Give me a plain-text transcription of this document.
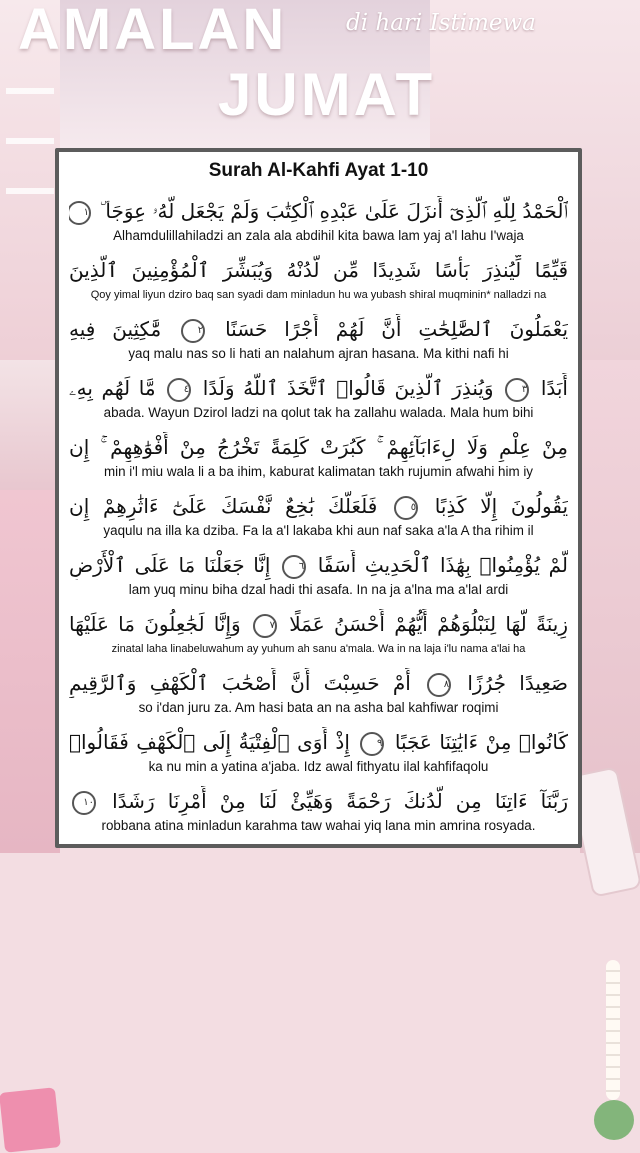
AMALAN	di hari Istimewa
JUMAT
Surah Al-Kahfi Ayat 1-10
ٱلْحَمْدُ لِلَّهِ ٱلَّذِىٓ أَنزَلَ عَلَىٰ عَبْدِهِ ٱلْكِتَٰبَ وَلَمْ يَجْعَل لَّهُۥ عِوَجَا ۜ ١
Alhamdulillahiladzi an zala ala abdihil kita bawa lam yaj a'l lahu I'waja
قَيِّمًا لِّيُنذِرَ بَأْسًا شَدِيدًا مِّن لَّدُنْهُ وَيُبَشِّرَ ٱلْمُؤْمِنِينَ ٱلَّذِينَ
Qoy yimal liyun dziro baq san syadi dam minladun hu wa yubash shiral muqminin* nalladzi na
يَعْمَلُونَ ٱلصَّٰلِحَٰتِ أَنَّ لَهُمْ أَجْرًا حَسَنًا ٢ مَّٰكِثِينَ فِيهِ
yaq malu nas so li hati an nalahum ajran hasana. Ma kithi nafi hi
أَبَدًا ٣ وَيُنذِرَ ٱلَّذِينَ قَالُوا۟ ٱتَّخَذَ ٱللَّهُ وَلَدًا ٤ مَّا لَهُم بِهِۦ
abada. Wayun Dzirol ladzi na qolut tak ha zallahu walada. Mala hum bihi
مِنْ عِلْمٍ وَلَا لِءَابَآئِهِمْ ۚ كَبُرَتْ كَلِمَةً تَخْرُجُ مِنْ أَفْوَٰهِهِمْ ۚ إِن
min i'l miu wala li a ba ihim, kaburat kalimatan takh rujumin afwahi him iy
يَقُولُونَ إِلَّا كَذِبًا ٥ فَلَعَلَّكَ بَٰخِعٌ نَّفْسَكَ عَلَىٰٓ ءَاثَٰرِهِمْ إِن
yaqulu na illa ka dziba. Fa la a'l lakaba khi aun naf saka a'la A tha rihim il
لَّمْ يُؤْمِنُوا۟ بِهَٰذَا ٱلْحَدِيثِ أَسَفًا ٦ إِنَّا جَعَلْنَا مَا عَلَى ٱلْأَرْضِ
lam yuq minu biha dzal hadi thi asafa. In na ja a'lna ma a'laI ardi
زِينَةً لَّهَا لِنَبْلُوَهُمْ أَيُّهُمْ أَحْسَنُ عَمَلًا ٧ وَإِنَّا لَجَٰعِلُونَ مَا عَلَيْهَا
zinatal laha linabeluwahum ay yuhum ah sanu a'mala. Wa in na laja i'lu nama a'lai ha
صَعِيدًا جُرُزًا ٨ أَمْ حَسِبْتَ أَنَّ أَصْحَٰبَ ٱلْكَهْفِ وَٱلرَّقِيمِ
so i'dan juru za. Am hasi bata an na asha bal kahfiwar roqimi
كَانُوا۟ مِنْ ءَايَٰتِنَا عَجَبًا ٩ إِذْ أَوَى ٱلْفِتْيَةُ إِلَى ٱلْكَهْفِ فَقَالُوا۟
ka nu min a yatina a'jaba. Idz awal fithyatu ilal kahfifaqolu
رَبَّنَآ ءَاتِنَا مِن لَّدُنكَ رَحْمَةً وَهَيِّئْ لَنَا مِنْ أَمْرِنَا رَشَدًا ١٠
robbana atina minladun karahma taw wahai yiq lana min amrina rosyada.
